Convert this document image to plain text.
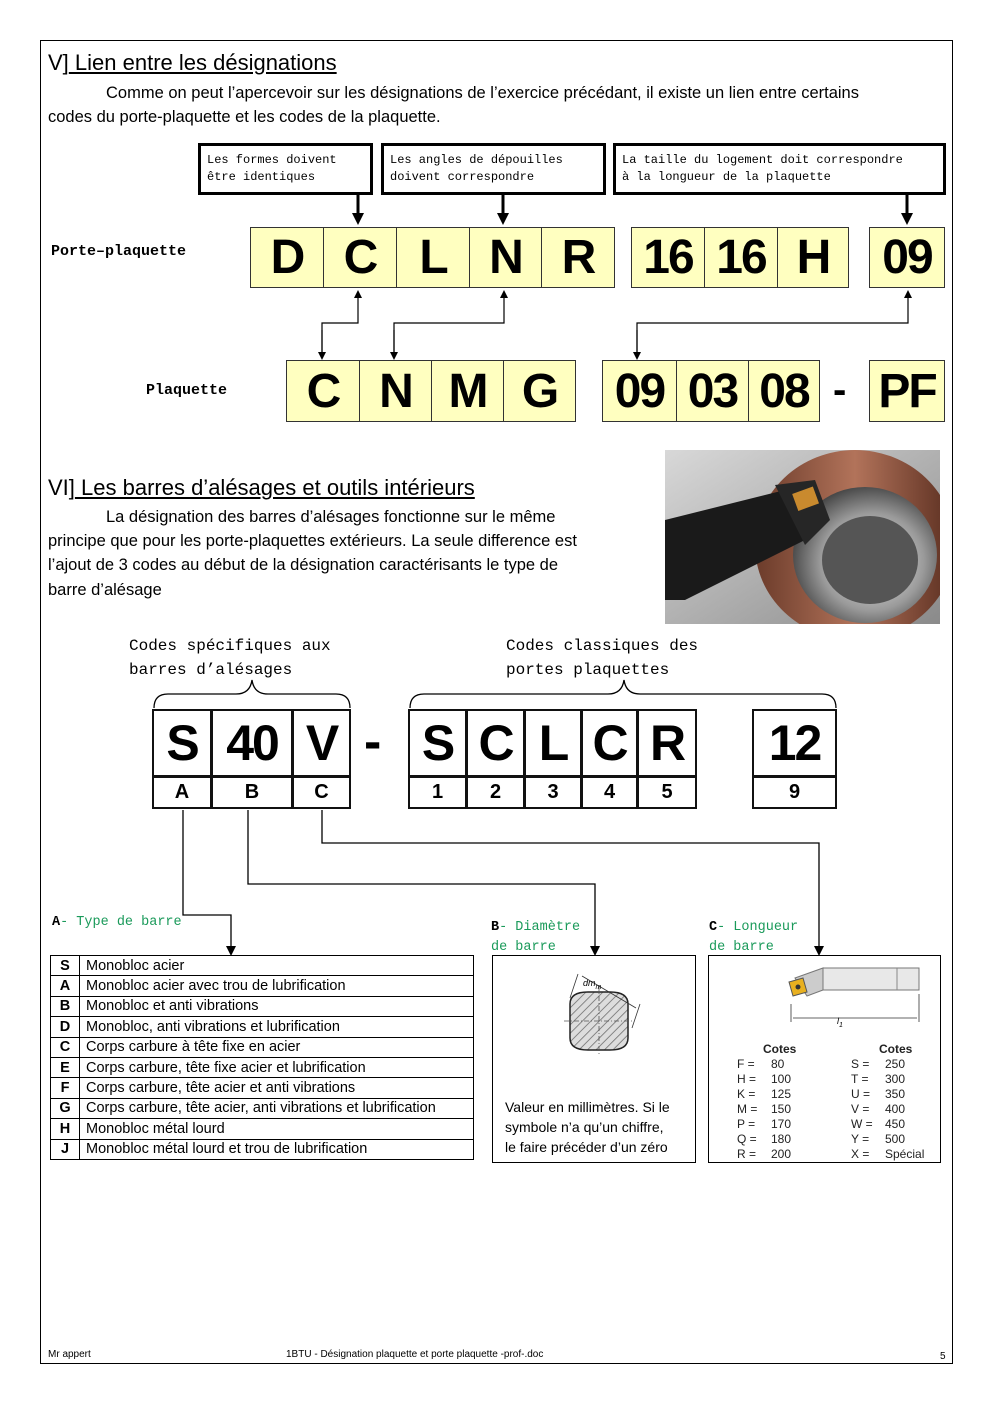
V] Lien entre les désignations
Comme on peut l’apercevoir sur les désignations de l’exercice précédant, il existe un lien entre certains
codes du porte-plaquette et les codes de la plaquette.
Les formes doivent
être identiques
Les angles de dépouilles
doivent correspondre
La taille du logement doit correspondre
à la longueur de la plaquette
Porte–plaquette	D C L N R	16 16 H	09
Plaquette	C N M G	09 03 08 - PF
VI] Les barres d’alésages et outils intérieurs
La désignation des barres d’alésages fonctionne sur le même
principe que pour les porte-plaquettes extérieurs. La seule difference est
l’ajout de 3 codes au début de la désignation caractérisants le type de
barre d’alésage
Codes spécifiques aux
barres d’alésages
Codes classiques des
portes plaquettes
S 40 V - S C L C R	12
A	B	C	1	2	3	4	5	9
A- Type de barre
S	Monobloc acier
A	Monobloc acier avec trou de lubrification
B	Monobloc et anti vibrations
D	Monobloc, anti vibrations et lubrification
C	Corps carbure à tête fixe en acier
E	Corps carbure, tête fixe acier et lubrification
F	Corps carbure, tête acier et anti vibrations
G	Corps carbure, tête acier, anti vibrations et lubrification
H	Monobloc métal lourd
J	Monobloc métal lourd et trou de lubrification
B- Diamètre
de barre
$dm_m$
Valeur en millimètres. Si le
symbole n’a qu’un chiffre,
le faire précéder d’un zéro
C- Longueur
de barre
$l_1$
Cotes
F =	80
H =	100
K =	125
M =	150
P =	170
Q =	180
R =	200
Cotes
S =	250
T =	300
U =	350
V =	400
W =	450
Y =	500
X =	Spécial
Mr appert	1BTU - Désignation plaquette et porte plaquette -prof-.doc	5
